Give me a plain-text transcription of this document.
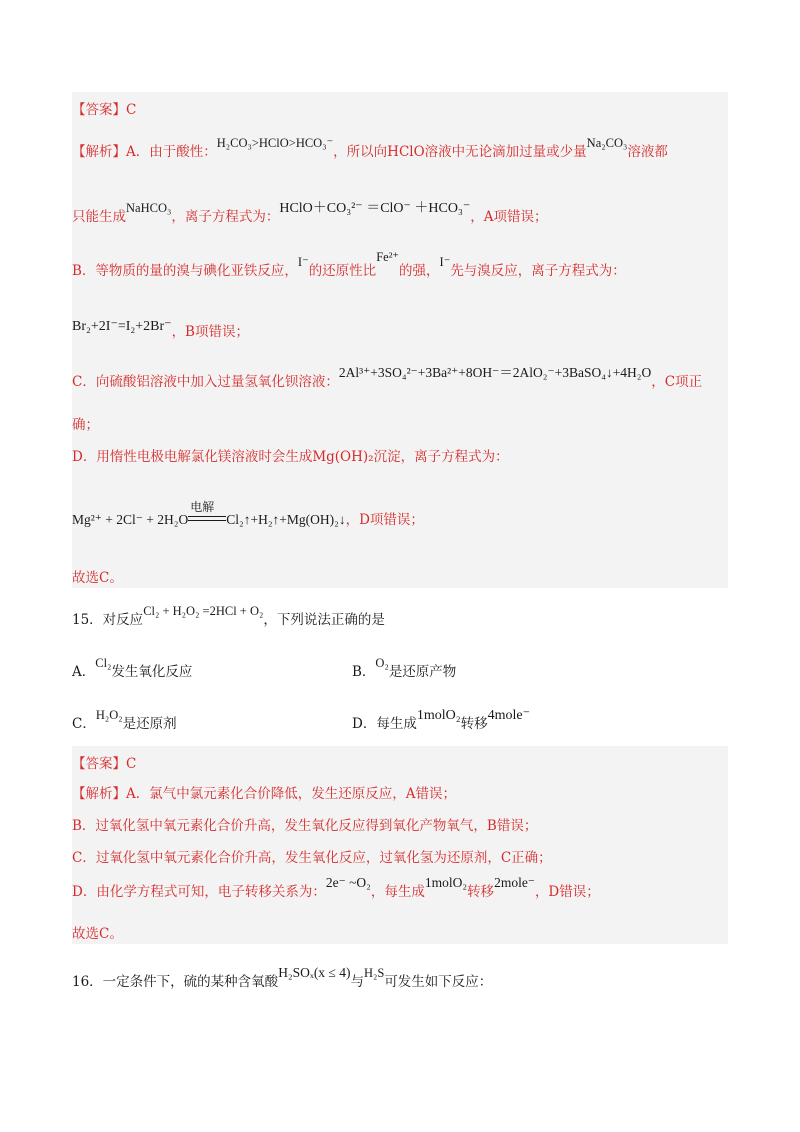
【答案】C
【解析】A．由于酸性：H₂CO₃>HClO>HCO₃⁻，所以向HClO溶液中无论滴加过量或少量Na₂CO₃溶液都
只能生成NaHCO₃，离子方程式为：HClO＋CO₃²⁻ ＝ClO⁻ ＋HCO₃⁻，A项错误；
B．等物质的量的溴与碘化亚铁反应，I⁻的还原性比Fe²⁺的强，I⁻先与溴反应，离子方程式为：
Br₂+2I⁻=I₂+2Br⁻，B项错误；
C．向硫酸铝溶液中加入过量氢氧化钡溶液：2Al³⁺+3SO₄²⁻+3Ba²⁺+8OH⁻＝2AlO₂⁻+3BaSO₄↓+4H₂O，C项正
确；
D．用惰性电极电解氯化镁溶液时会生成Mg(OH)₂沉淀，离子方程式为：
Mg²⁺ + 2Cl⁻ + 2H₂O
电解
Cl₂↑+H₂↑+Mg(OH)₂↓，D项错误；
故选C。
15．对反应Cl₂ + H₂O₂ =2HCl + O₂，下列说法正确的是
A．Cl₂发生氧化反应	B．O₂是还原产物
C．H₂O₂是还原剂	D．每生成1molO₂转移4mole⁻
【答案】C
【解析】A．氯气中氯元素化合价降低，发生还原反应，A错误；
B．过氧化氢中氧元素化合价升高，发生氧化反应得到氧化产物氧气，B错误；
C．过氧化氢中氧元素化合价升高，发生氧化反应，过氧化氢为还原剂，C正确；
D．由化学方程式可知，电子转移关系为：2e⁻ ~O₂，每生成1molO₂转移2mole⁻，D错误；
故选C。
16．一定条件下，硫的某种含氧酸H₂SOₓ(x ≤ 4)与H₂S可发生如下反应：
